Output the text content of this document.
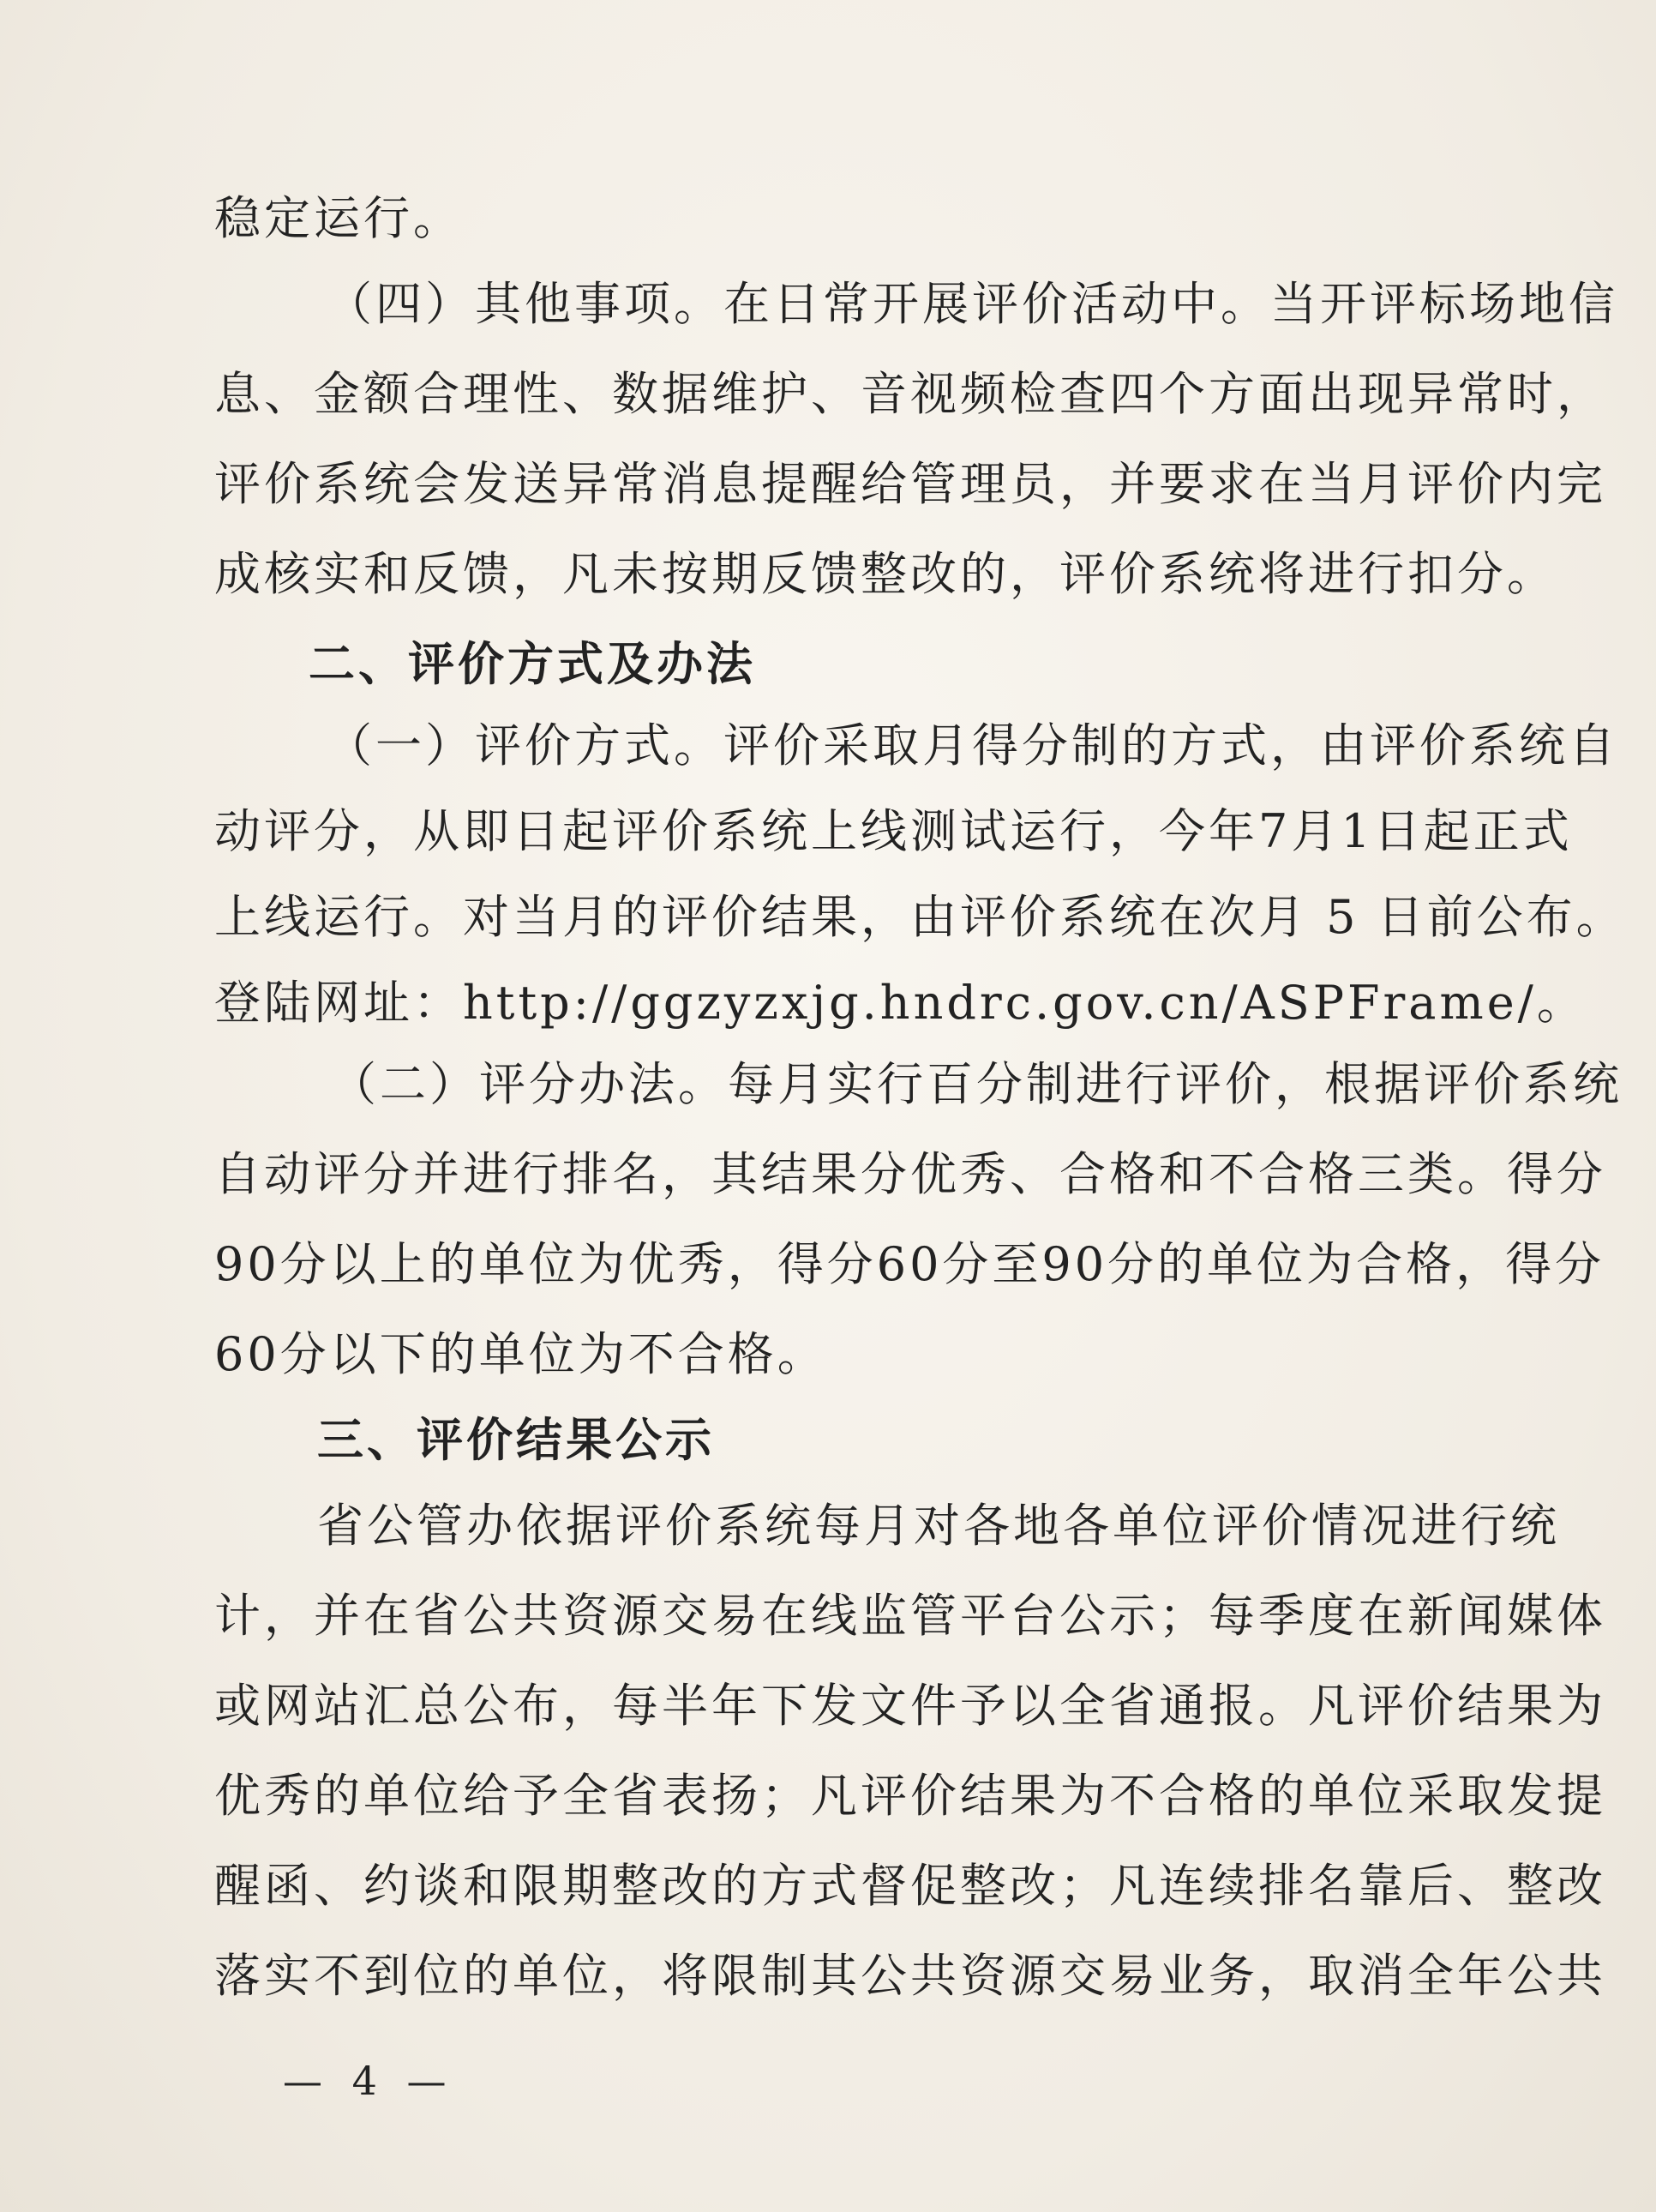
稳定运行。
（四）其他事项。在日常开展评价活动中。当开评标场地信
息、金额合理性、数据维护、音视频检查四个方面出现异常时，
评价系统会发送异常消息提醒给管理员，并要求在当月评价内完
成核实和反馈，凡未按期反馈整改的，评价系统将进行扣分。
二、评价方式及办法
（一）评价方式。评价采取月得分制的方式，由评价系统自
动评分，从即日起评价系统上线测试运行，今年7月1日起正式
上线运行。对当月的评价结果，由评价系统在次月 5 日前公布。
登陆网址：http://ggzyzxjg.hndrc.gov.cn/ASPFrame/。
（二）评分办法。每月实行百分制进行评价，根据评价系统
自动评分并进行排名，其结果分优秀、合格和不合格三类。得分
90分以上的单位为优秀，得分60分至90分的单位为合格，得分
60分以下的单位为不合格。
三、评价结果公示
省公管办依据评价系统每月对各地各单位评价情况进行统
计，并在省公共资源交易在线监管平台公示；每季度在新闻媒体
或网站汇总公布，每半年下发文件予以全省通报。凡评价结果为
优秀的单位给予全省表扬；凡评价结果为不合格的单位采取发提
醒函、约谈和限期整改的方式督促整改；凡连续排名靠后、整改
落实不到位的单位，将限制其公共资源交易业务，取消全年公共
— 4 —
